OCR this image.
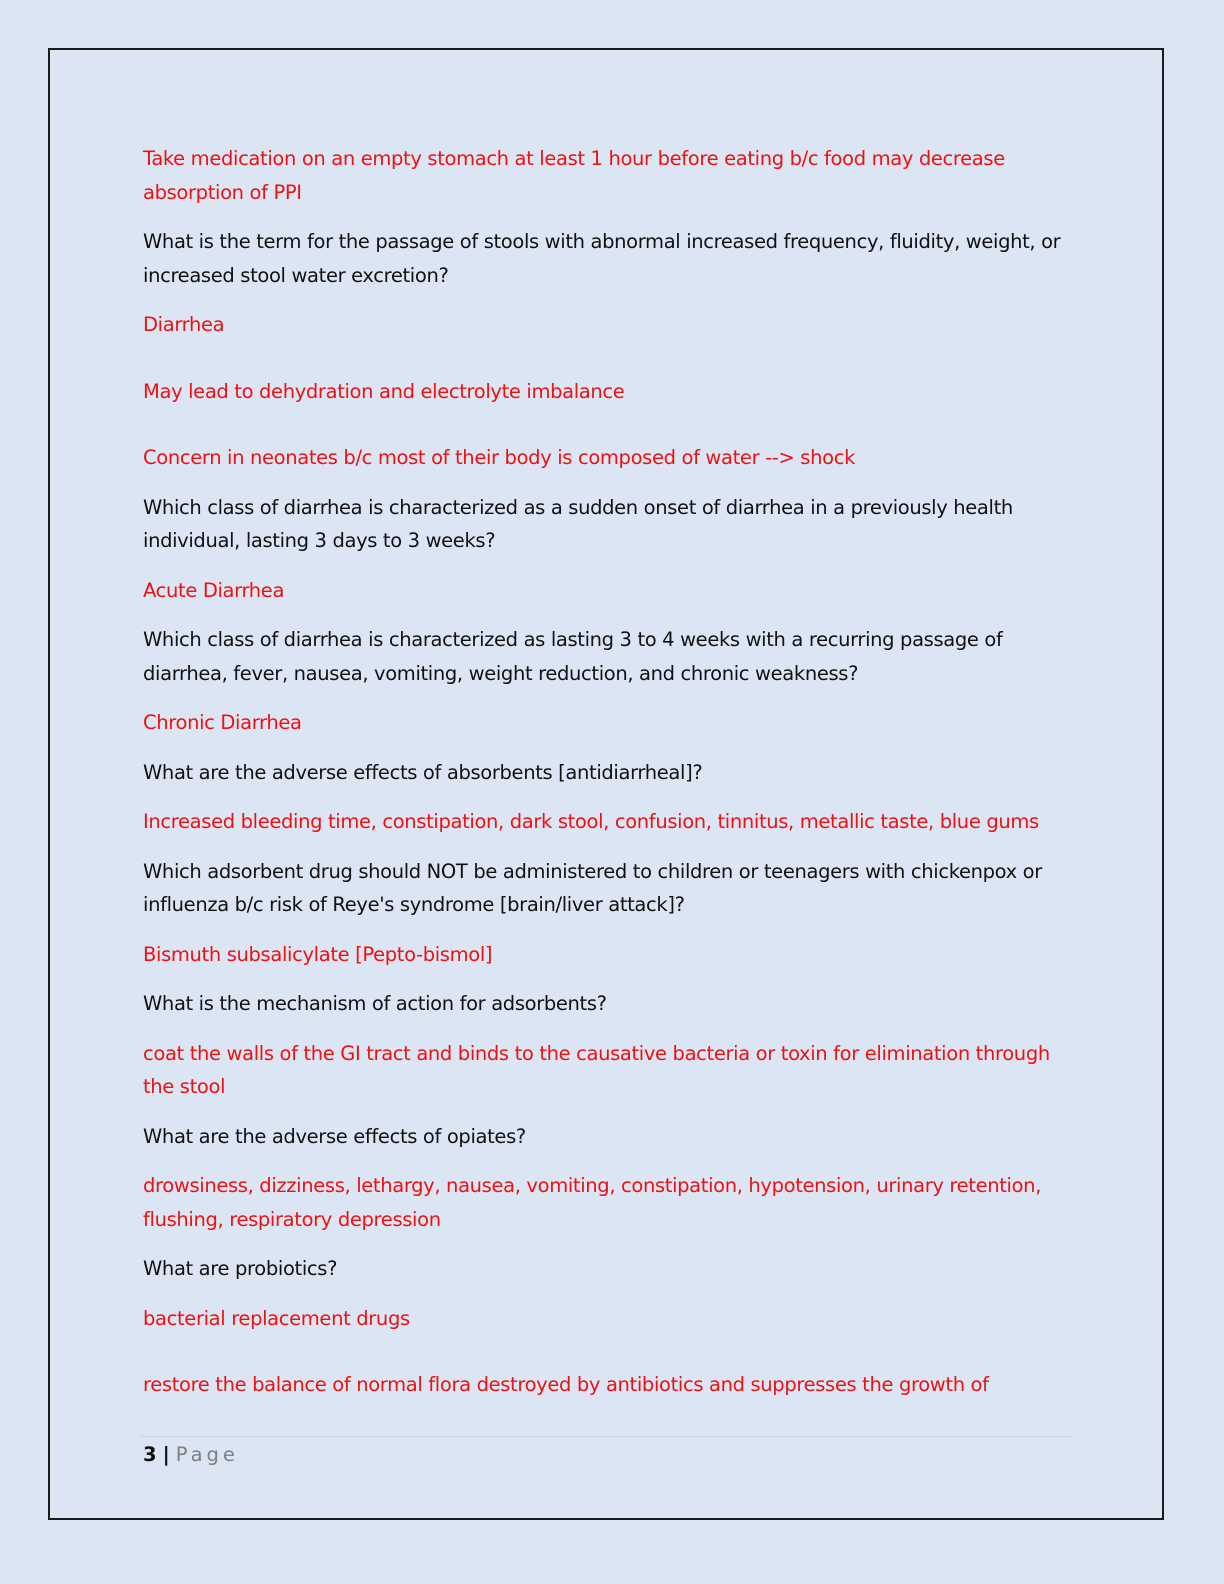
Take medication on an empty stomach at least 1 hour before eating b/c food may decrease absorption of PPI

What is the term for the passage of stools with abnormal increased frequency, fluidity, weight, or increased stool water excretion?

Diarrhea

May lead to dehydration and electrolyte imbalance

Concern in neonates b/c most of their body is composed of water --> shock

Which class of diarrhea is characterized as a sudden onset of diarrhea in a previously health individual, lasting 3 days to 3 weeks?

Acute Diarrhea

Which class of diarrhea is characterized as lasting 3 to 4 weeks with a recurring passage of diarrhea, fever, nausea, vomiting, weight reduction, and chronic weakness?

Chronic Diarrhea

What are the adverse effects of absorbents [antidiarrheal]?

Increased bleeding time, constipation, dark stool, confusion, tinnitus, metallic taste, blue gums

Which adsorbent drug should NOT be administered to children or teenagers with chickenpox or influenza b/c risk of Reye's syndrome [brain/liver attack]?

Bismuth subsalicylate [Pepto-bismol]

What is the mechanism of action for adsorbents?

coat the walls of the GI tract and binds to the causative bacteria or toxin for elimination through the stool

What are the adverse effects of opiates?

drowsiness, dizziness, lethargy, nausea, vomiting, constipation, hypotension, urinary retention, flushing, respiratory depression

What are probiotics?

bacterial replacement drugs

restore the balance of normal flora destroyed by antibiotics and suppresses the growth of

3 | Page
